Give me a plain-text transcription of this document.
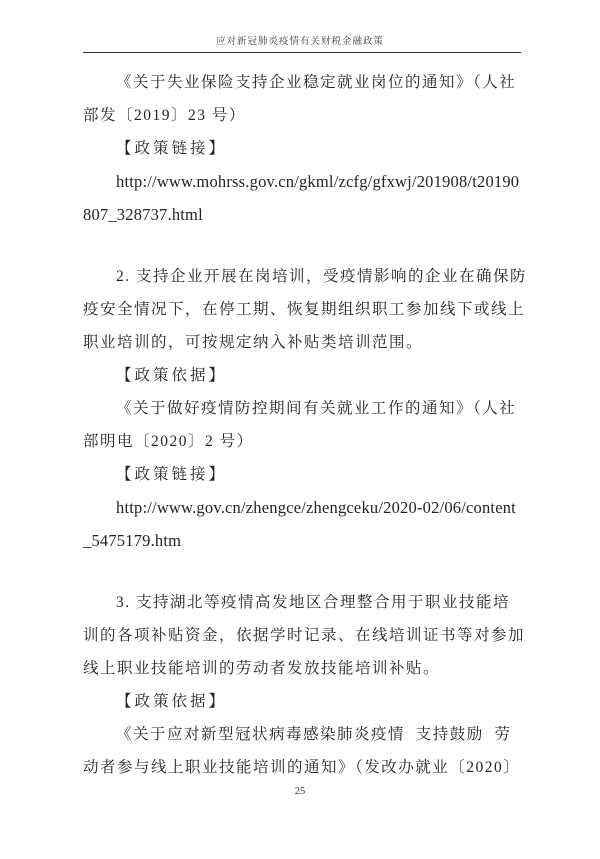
应对新冠肺炎疫情有关财税金融政策
《关于失业保险支持企业稳定就业岗位的通知》（人社
部发〔2019〕23 号）
【政策链接】
http://www.mohrss.gov.cn/gkml/zcfg/gfxwj/201908/t20190
807_328737.html
2. 支持企业开展在岗培训，受疫情影响的企业在确保防
疫安全情况下，在停工期、恢复期组织职工参加线下或线上
职业培训的，可按规定纳入补贴类培训范围。
【政策依据】
《关于做好疫情防控期间有关就业工作的通知》（人社
部明电〔2020〕2 号）
【政策链接】
http://www.gov.cn/zhengce/zhengceku/2020-02/06/content
_5475179.htm
3. 支持湖北等疫情高发地区合理整合用于职业技能培
训的各项补贴资金，依据学时记录、在线培训证书等对参加
线上职业技能培训的劳动者发放技能培训补贴。
【政策依据】
《关于应对新型冠状病毒感染肺炎疫情  支持鼓励  劳
动者参与线上职业技能培训的通知》（发改办就业〔2020〕
25
